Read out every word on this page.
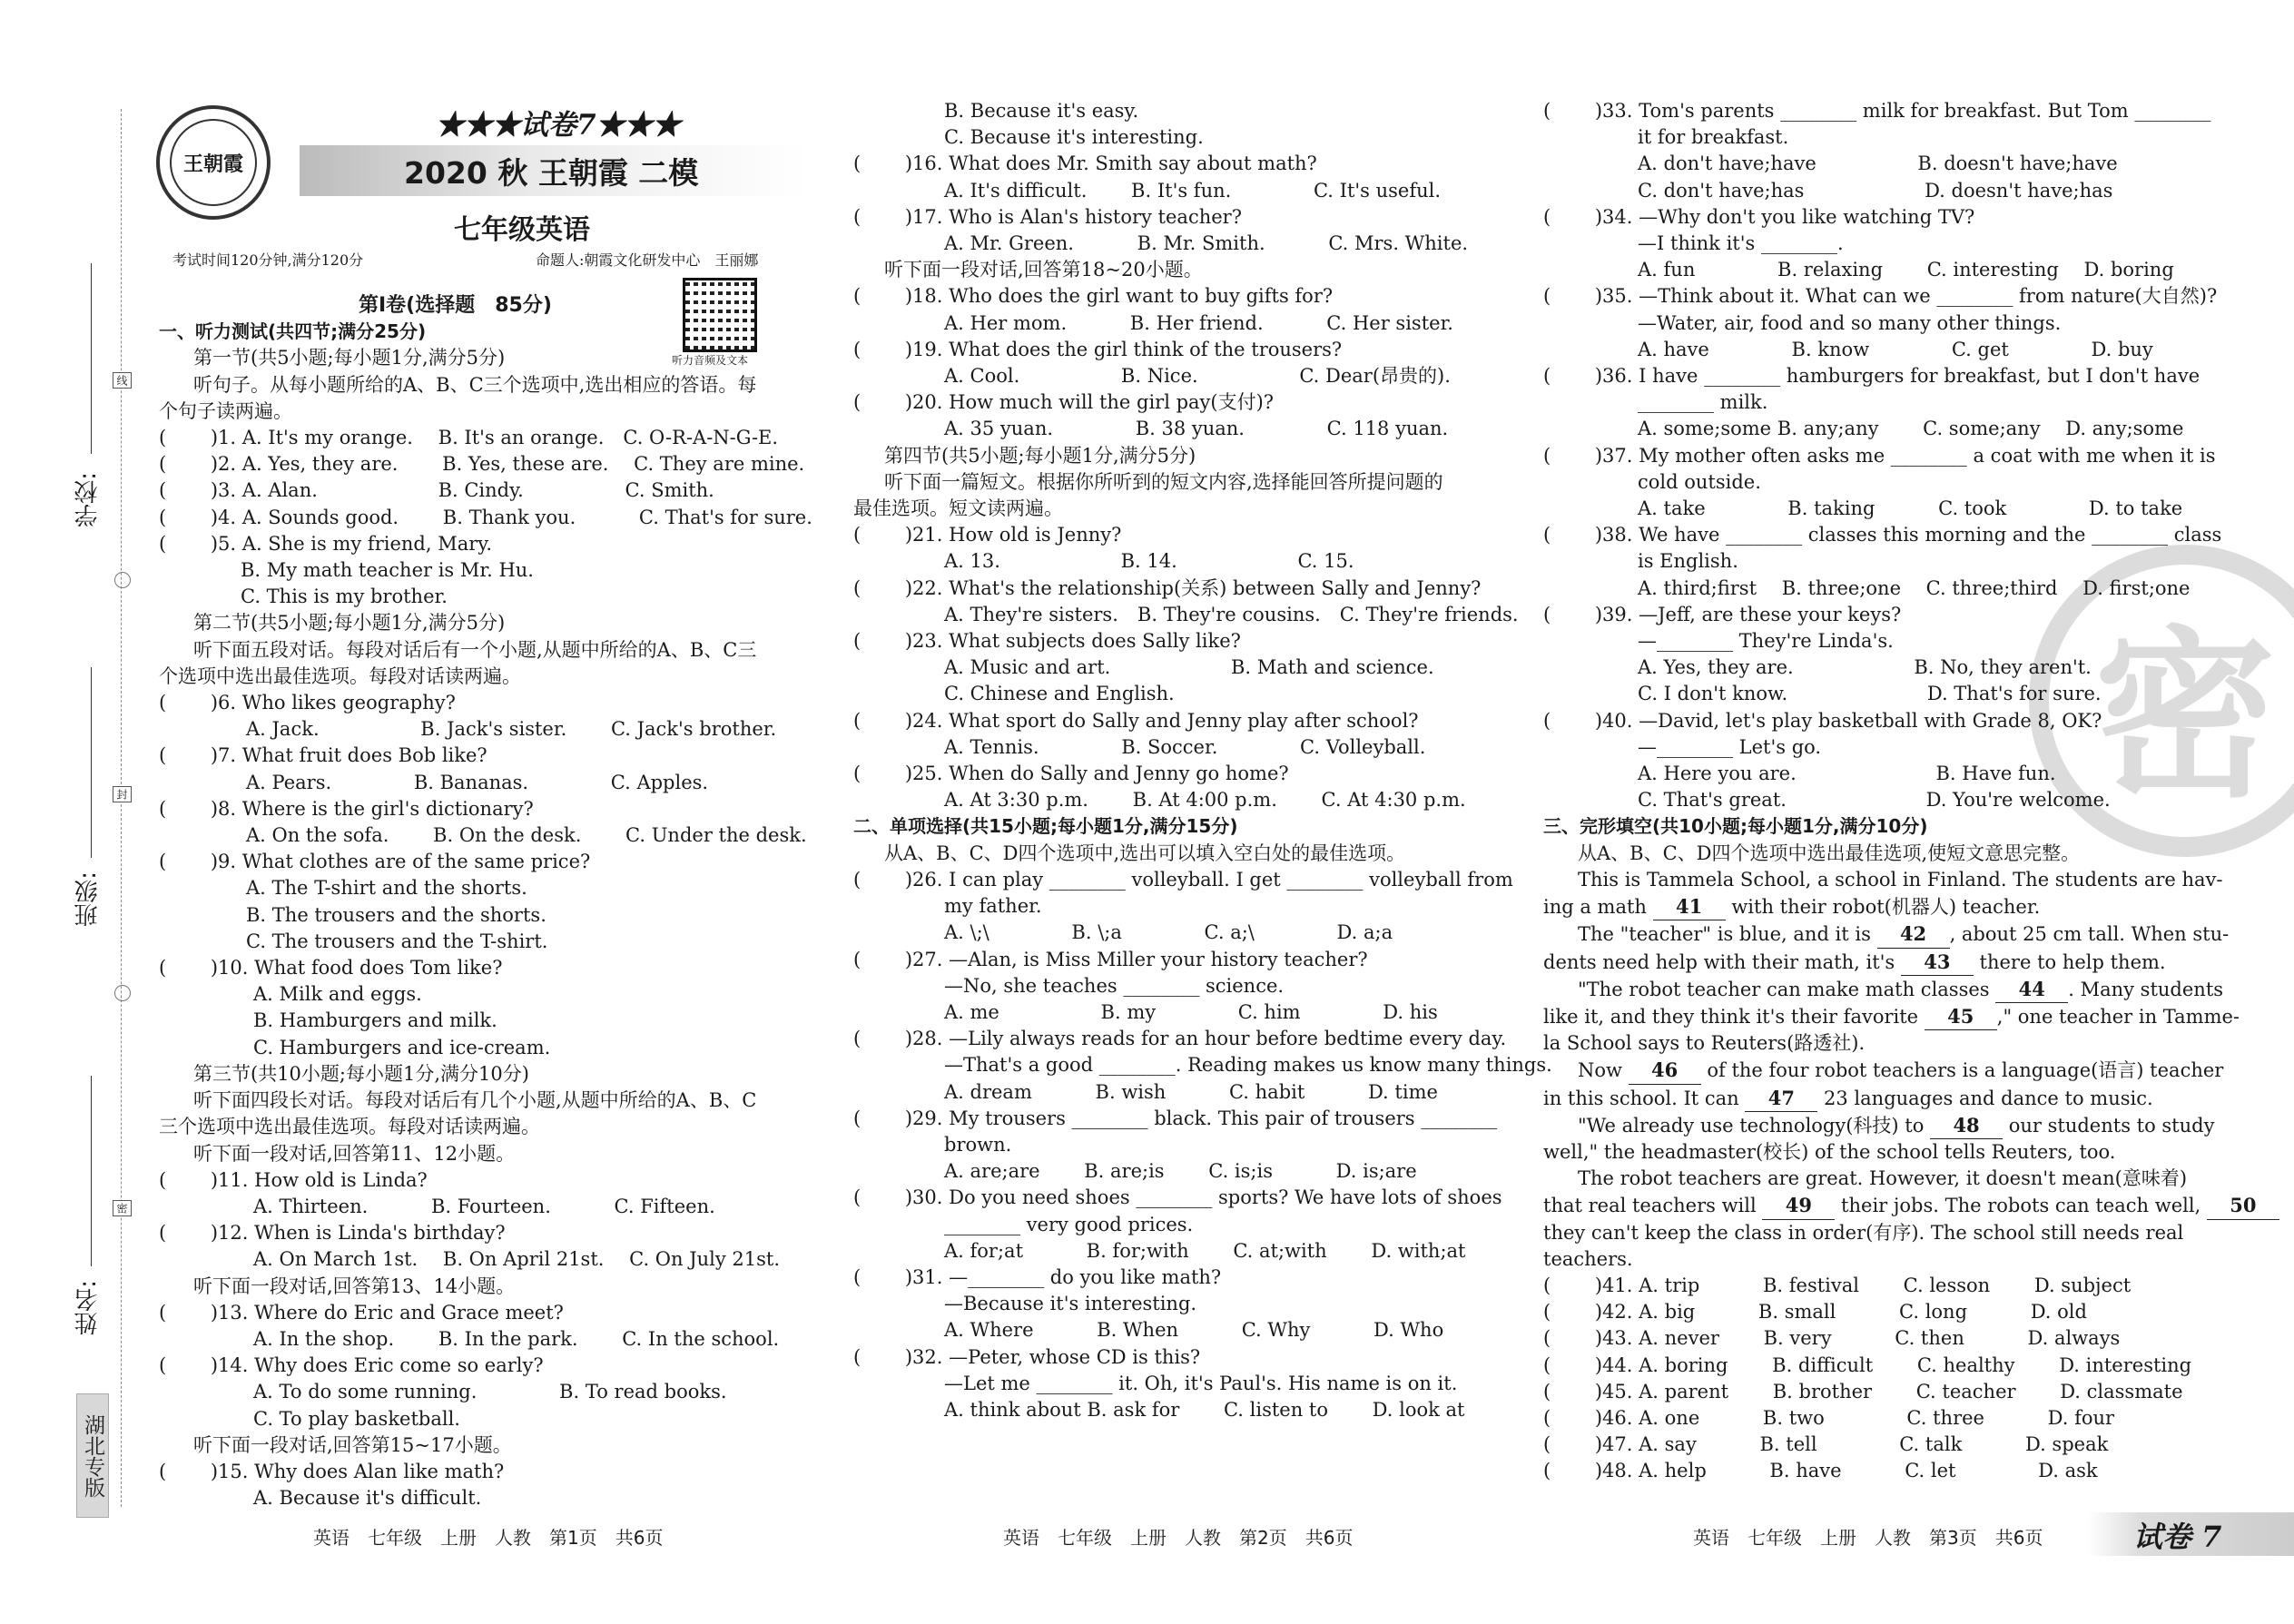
学校:
班级:
姓名:
线
封
密
湖北专版
★★★试卷7★★★
2020 秋 王朝霞 二模
王朝霞
七年级英语
考试时间120分钟,满分120分	命题人:朝霞文化研发中心　王丽娜
听力音频及文本

第Ⅰ卷(选择题　85分)

一、听力测试(共四节;满分25分)

第一节(共5小题;每小题1分,满分5分)

听句子。从每小题所给的A、B、C三个选项中,选出相应的答语。每

个句子读两遍。

( 　　)1. A. It's my orange.　 B. It's an orange.　C. O-R-A-N-G-E.

( 　　)2. A. Yes, they are.　　 B. Yes, these are.　 C. They are mine.

( 　　)3. A. Alan.　　　　　　 B. Cindy.　　　　　 C. Smith.

( 　　)4. A. Sounds good.　　 B. Thank you.　　　 C. That's for sure.

( 　　)5. A. She is my friend, Mary.

B. My math teacher is Mr. Hu.

C. This is my brother.

第二节(共5小题;每小题1分,满分5分)

听下面五段对话。每段对话后有一个小题,从题中所给的A、B、C三

个选项中选出最佳选项。每段对话读两遍。

( 　　)6. Who likes geography?

A. Jack.　　　　　 B. Jack's sister.　　 C. Jack's brother.

( 　　)7. What fruit does Bob like?

A. Pears.　　　　 B. Bananas.　　　　 C. Apples.

( 　　)8. Where is the girl's dictionary?

A. On the sofa.　　 B. On the desk.　　 C. Under the desk.

( 　　)9. What clothes are of the same price?

A. The T-shirt and the shorts.

B. The trousers and the shorts.

C. The trousers and the T-shirt.

( 　　)10. What food does Tom like?

A. Milk and eggs.

B. Hamburgers and milk.

C. Hamburgers and ice-cream.

第三节(共10小题;每小题1分,满分10分)

听下面四段长对话。每段对话后有几个小题,从题中所给的A、B、C

三个选项中选出最佳选项。每段对话读两遍。

听下面一段对话,回答第11、12小题。

( 　　)11. How old is Linda?

A. Thirteen.　　　 B. Fourteen.　　　 C. Fifteen.

( 　　)12. When is Linda's birthday?

A. On March 1st.　 B. On April 21st.　 C. On July 21st.

听下面一段对话,回答第13、14小题。

( 　　)13. Where do Eric and Grace meet?

A. In the shop.　　 B. In the park.　　 C. In the school.

( 　　)14. Why does Eric come so early?

A. To do some running.　　　　 B. To read books.

C. To play basketball.

听下面一段对话,回答第15~17小题。

( 　　)15. Why does Alan like math?

A. Because it's difficult.

B. Because it's easy.

C. Because it's interesting.

( 　　)16. What does Mr. Smith say about math?

A. It's difficult.　　 B. It's fun.　　　　 C. It's useful.

( 　　)17. Who is Alan's history teacher?

A. Mr. Green.　　　 B. Mr. Smith.　　　 C. Mrs. White.

听下面一段对话,回答第18~20小题。

( 　　)18. Who does the girl want to buy gifts for?

A. Her mom.　　　 B. Her friend.　　　 C. Her sister.

( 　　)19. What does the girl think of the trousers?

A. Cool.　　　　　 B. Nice.　　　　　 C. Dear(昂贵的).

( 　　)20. How much will the girl pay(支付)?

A. 35 yuan.　　　　 B. 38 yuan.　　　　 C. 118 yuan.

第四节(共5小题;每小题1分,满分5分)

听下面一篇短文。根据你所听到的短文内容,选择能回答所提问题的

最佳选项。短文读两遍。

( 　　)21. How old is Jenny?

A. 13.　　　　　　 B. 14.　　　　　　 C. 15.

( 　　)22. What's the relationship(关系) between Sally and Jenny?

A. They're sisters.　B. They're cousins.　C. They're friends.

( 　　)23. What subjects does Sally like?

A. Music and art.　　　　　　 B. Math and science.

C. Chinese and English.

( 　　)24. What sport do Sally and Jenny play after school?

A. Tennis.　　　　 B. Soccer.　　　　 C. Volleyball.

( 　　)25. When do Sally and Jenny go home?

A. At 3:30 p.m.　　 B. At 4:00 p.m.　　 C. At 4:30 p.m.

二、单项选择(共15小题;每小题1分,满分15分)

从A、B、C、D四个选项中,选出可以填入空白处的最佳选项。

( 　　)26. I can play ________ volleyball. I get ________ volleyball from

my father.

A. \;\　　　　 B. \;a　　　　 C. a;\　　　　 D. a;a

( 　　)27. —Alan, is Miss Miller your history teacher?

—No, she teaches ________ science.

A. me　　　　　 B. my　　　　 C. him　　　　 D. his

( 　　)28. —Lily always reads for an hour before bedtime every day.

—That's a good ________. Reading makes us know many things.

A. dream　　　 B. wish　　　 C. habit　　　 D. time

( 　　)29. My trousers ________ black. This pair of trousers ________

brown.

A. are;are　　 B. are;is　　 C. is;is　　　 D. is;are

( 　　)30. Do you need shoes ________ sports? We have lots of shoes

________ very good prices.

A. for;at　　　 B. for;with　　 C. at;with　　 D. with;at

( 　　)31. —________ do you like math?

—Because it's interesting.

A. Where　　　 B. When　　　 C. Why　　　 D. Who

( 　　)32. —Peter, whose CD is this?

—Let me ________ it. Oh, it's Paul's. His name is on it.

A. think about B. ask for　　 C. listen to　　 D. look at

密

( 　　)33. Tom's parents ________ milk for breakfast. But Tom ________

it for breakfast.

A. don't have;have　　　　　 B. doesn't have;have

C. don't have;has　　　　　　 D. doesn't have;has

( 　　)34. —Why don't you like watching TV?

—I think it's ________.

A. fun　　　　 B. relaxing　　 C. interesting　 D. boring

( 　　)35. —Think about it. What can we ________ from nature(大自然)?

—Water, air, food and so many other things.

A. have　　　　 B. know　　　　 C. get　　　　 D. buy

( 　　)36. I have ________ hamburgers for breakfast, but I don't have

________ milk.

A. some;some B. any;any　　 C. some;any　 D. any;some

( 　　)37. My mother often asks me ________ a coat with me when it is

cold outside.

A. take　　　　 B. taking　　　 C. took　　　　 D. to take

( 　　)38. We have ________ classes this morning and the ________ class

is English.

A. third;first　 B. three;one　 C. three;third　 D. first;one

( 　　)39. —Jeff, are these your keys?

—________ They're Linda's.

A. Yes, they are.　　　　　　 B. No, they aren't.

C. I don't know.　　　　　　　 D. That's for sure.

( 　　)40. —David, let's play basketball with Grade 8, OK?

—________ Let's go.

A. Here you are.　　　　　　　 B. Have fun.

C. That's great.　　　　　　　 D. You're welcome.

三、完形填空(共10小题;每小题1分,满分10分)

从A、B、C、D四个选项中选出最佳选项,使短文意思完整。

This is Tammela School, a school in Finland. The students are hav-

ing a math 41 with their robot(机器人) teacher.

The "teacher" is blue, and it is 42 , about 25 cm tall. When stu-

dents need help with their math, it's 43 there to help them.

"The robot teacher can make math classes 44 . Many students

like it, and they think it's their favorite 45 ," one teacher in Tamme-

la School says to Reuters(路透社).

Now 46 of the four robot teachers is a language(语言) teacher

in this school. It can 47 23 languages and dance to music.

"We already use technology(科技) to 48 our students to study

well," the headmaster(校长) of the school tells Reuters, too.

The robot teachers are great. However, it doesn't mean(意味着)

that real teachers will 49 their jobs. The robots can teach well, 50

they can't keep the class in order(有序). The school still needs real

teachers.

( 　　)41. A. trip　　　 B. festival　　 C. lesson　　 D. subject

( 　　)42. A. big　　　 B. small　　　 C. long　　　 D. old

( 　　)43. A. never　　 B. very　　　 C. then　　　 D. always

( 　　)44. A. boring　　 B. difficult　　 C. healthy　　 D. interesting

( 　　)45. A. parent　　 B. brother　　 C. teacher　　 D. classmate

( 　　)46. A. one　　　 B. two　　　　 C. three　　　 D. four

( 　　)47. A. say　　　 B. tell　　　　 C. talk　　　 D. speak

( 　　)48. A. help　　　 B. have　　　 C. let　　　　 D. ask

英语　七年级　上册　人教　第1页　共6页	英语　七年级　上册　人教　第2页　共6页	英语　七年级　上册　人教　第3页　共6页	试卷 7
